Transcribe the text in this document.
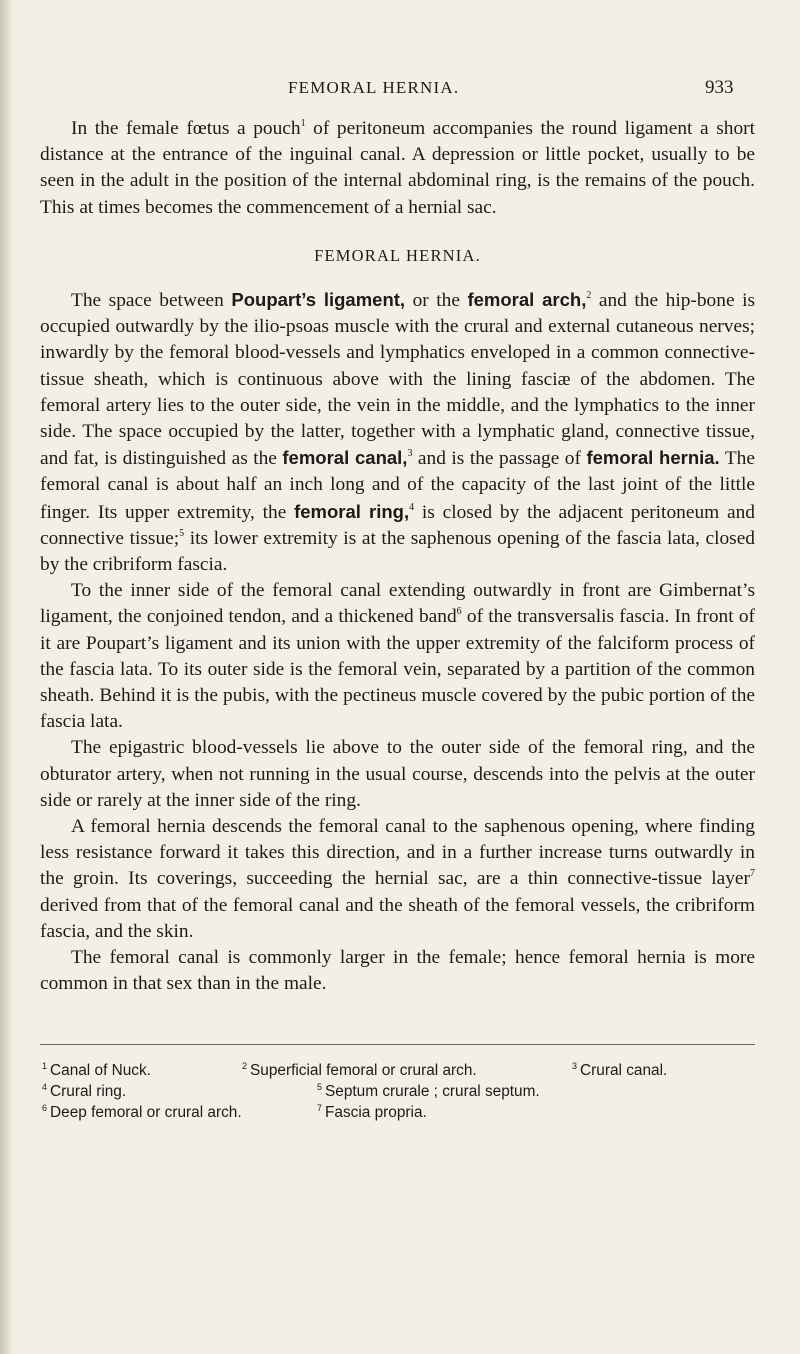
FEMORAL HERNIA.	933

In the female fœtus a pouch$^1$ of peritoneum accompanies the round ligament a short distance at the entrance of the inguinal canal. A depression or little pocket, usually to be seen in the adult in the position of the internal abdominal ring, is the remains of the pouch. This at times becomes the commencement of a hernial sac.

FEMORAL HERNIA.

The space between Poupart’s ligament, or the femoral arch,$^2$ and the hip-bone is occupied outwardly by the ilio-psoas muscle with the crural and external cutaneous nerves; inwardly by the femoral blood-vessels and lymphatics enveloped in a common connective-tissue sheath, which is continuous above with the lining fasciæ of the abdomen. The femoral artery lies to the outer side, the vein in the middle, and the lymphatics to the inner side. The space occupied by the latter, together with a lymphatic gland, connective tissue, and fat, is distinguished as the femoral canal,$^3$ and is the passage of femoral hernia. The femoral canal is about half an inch long and of the capacity of the last joint of the little finger. Its upper extremity, the femoral ring,$^4$ is closed by the adjacent peritoneum and connective tissue;$^5$ its lower extremity is at the saphenous opening of the fascia lata, closed by the cribriform fascia.

To the inner side of the femoral canal extending outwardly in front are Gimbernat’s ligament, the conjoined tendon, and a thickened band$^6$ of the transversalis fascia. In front of it are Poupart’s ligament and its union with the upper extremity of the falciform process of the fascia lata. To its outer side is the femoral vein, separated by a partition of the common sheath. Behind it is the pubis, with the pectineus muscle covered by the pubic portion of the fascia lata.

The epigastric blood-vessels lie above to the outer side of the femoral ring, and the obturator artery, when not running in the usual course, descends into the pelvis at the outer side or rarely at the inner side of the ring.

A femoral hernia descends the femoral canal to the saphenous opening, where finding less resistance forward it takes this direction, and in a further increase turns outwardly in the groin. Its coverings, succeeding the hernial sac, are a thin connective-tissue layer$^7$ derived from that of the femoral canal and the sheath of the femoral vessels, the cribriform fascia, and the skin.

The femoral canal is commonly larger in the female; hence femoral hernia is more common in that sex than in the male.

$^1$ Canal of Nuck.	$^2$ Superficial femoral or crural arch.	$^3$ Crural canal.
$^4$ Crural ring.	$^5$ Septum crurale ; crural septum.
$^6$ Deep femoral or crural arch.	$^7$ Fascia propria.
